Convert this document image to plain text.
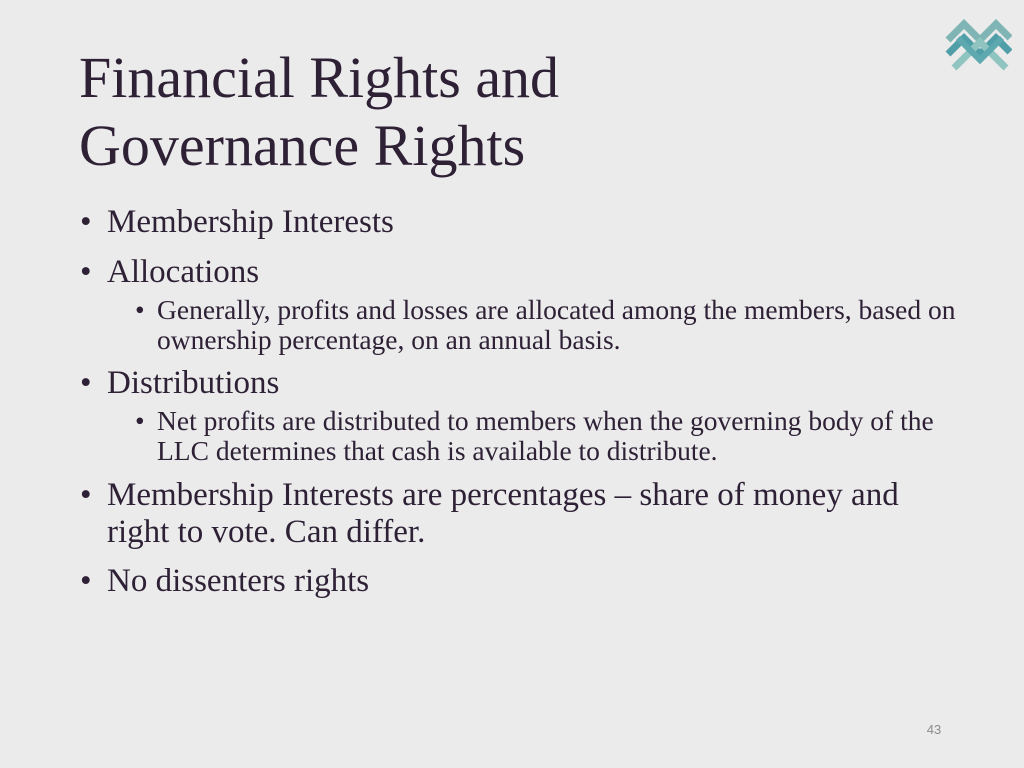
Financial Rights and
Governance Rights
• Membership Interests
• Allocations
• Generally, profits and losses are allocated among the members, based on ownership percentage, on an annual basis.
• Distributions
• Net profits are distributed to members when the governing body of the LLC determines that cash is available to distribute.
• Membership Interests are percentages – share of money and right to vote. Can differ.
• No dissenters rights
43
